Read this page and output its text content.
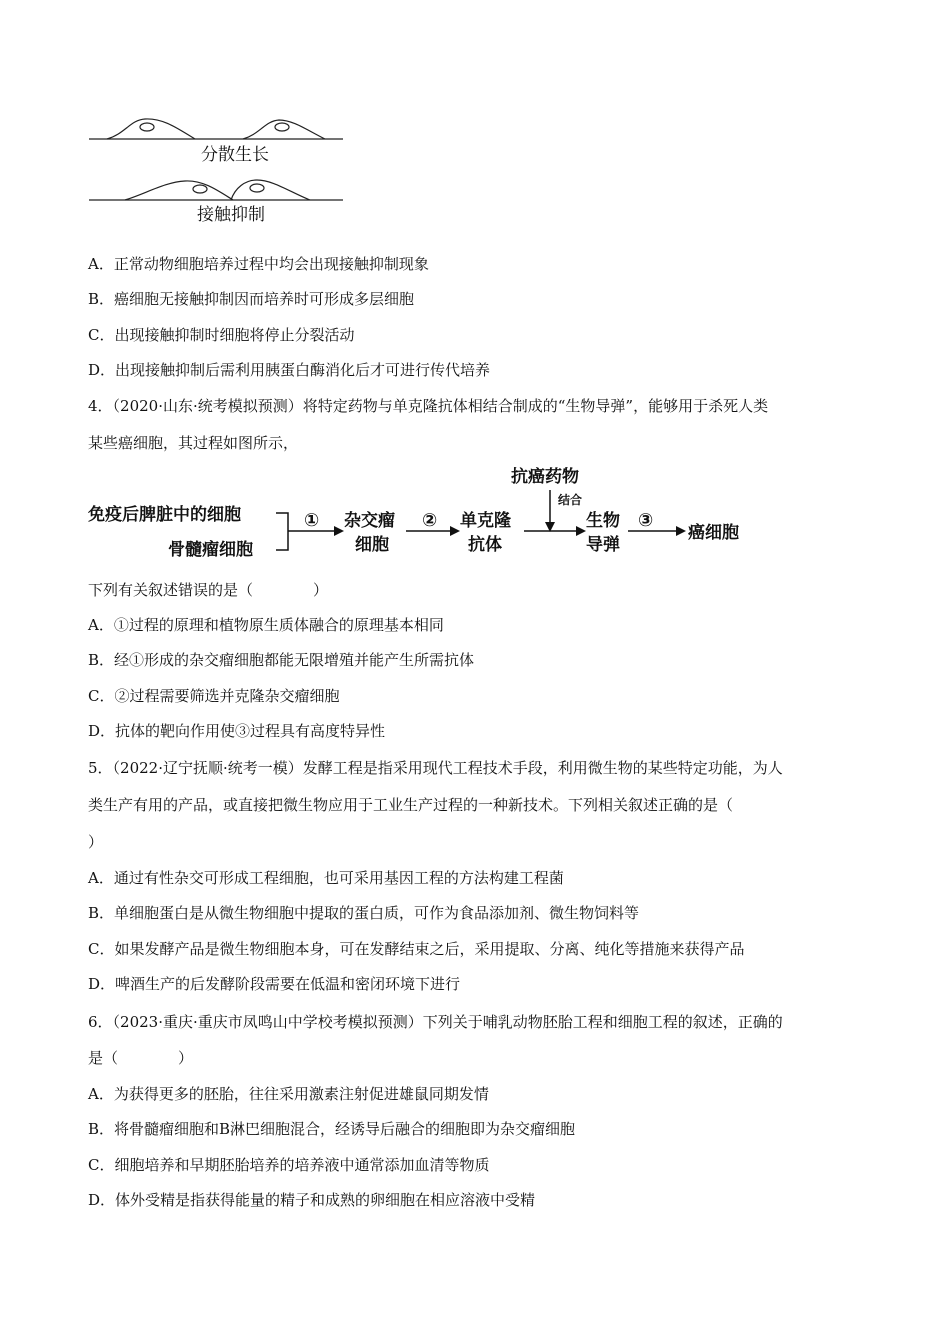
分散生长
接触抑制
A．正常动物细胞培养过程中均会出现接触抑制现象
B．癌细胞无接触抑制因而培养时可形成多层细胞
C．出现接触抑制时细胞将停止分裂活动
D．出现接触抑制后需利用胰蛋白酶消化后才可进行传代培养
4．（2020·山东·统考模拟预测）将特定药物与单克隆抗体相结合制成的“生物导弹”，能够用于杀死人类
某些癌细胞，其过程如图所示，
免疫后脾脏中的细胞
骨髓瘤细胞
① 杂交瘤
细胞
② 单克隆
抗体
抗癌药物
结合
生物
导弹
③
癌细胞
下列有关叙述错误的是（　　　　）
A．①过程的原理和植物原生质体融合的原理基本相同
B．经①形成的杂交瘤细胞都能无限增殖并能产生所需抗体
C．②过程需要筛选并克隆杂交瘤细胞
D．抗体的靶向作用使③过程具有高度特异性
5．（2022·辽宁抚顺·统考一模）发酵工程是指采用现代工程技术手段，利用微生物的某些特定功能，为人
类生产有用的产品，或直接把微生物应用于工业生产过程的一种新技术。下列相关叙述正确的是（
）
A．通过有性杂交可形成工程细胞，也可采用基因工程的方法构建工程菌
B．单细胞蛋白是从微生物细胞中提取的蛋白质，可作为食品添加剂、微生物饲料等
C．如果发酵产品是微生物细胞本身，可在发酵结束之后，采用提取、分离、纯化等措施来获得产品
D．啤酒生产的后发酵阶段需要在低温和密闭环境下进行
6．（2023·重庆·重庆市凤鸣山中学校考模拟预测）下列关于哺乳动物胚胎工程和细胞工程的叙述，正确的
是（　　　　）
A．为获得更多的胚胎，往往采用激素注射促进雄鼠同期发情
B．将骨髓瘤细胞和B淋巴细胞混合，经诱导后融合的细胞即为杂交瘤细胞
C．细胞培养和早期胚胎培养的培养液中通常添加血清等物质
D．体外受精是指获得能量的精子和成熟的卵细胞在相应溶液中受精
